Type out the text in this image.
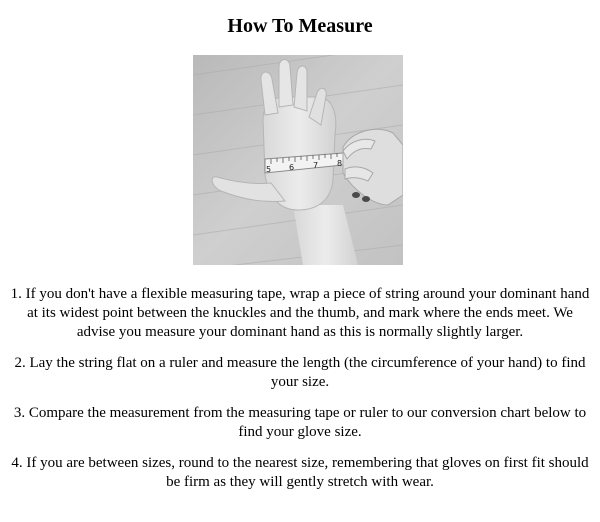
How To Measure
5 6 7 8

1. If you don't have a flexible measuring tape, wrap a piece of string around your dominant hand at its widest point between the knuckles and the thumb, and mark where the ends meet. We advise you measure your dominant hand as this is normally slightly larger.

2. Lay the string flat on a ruler and measure the length (the circumference of your hand) to find your size.

3. Compare the measurement from the measuring tape or ruler to our conversion chart below to find your glove size.

4. If you are between sizes, round to the nearest size, remembering that gloves on first fit should be firm as they will gently stretch with wear.
